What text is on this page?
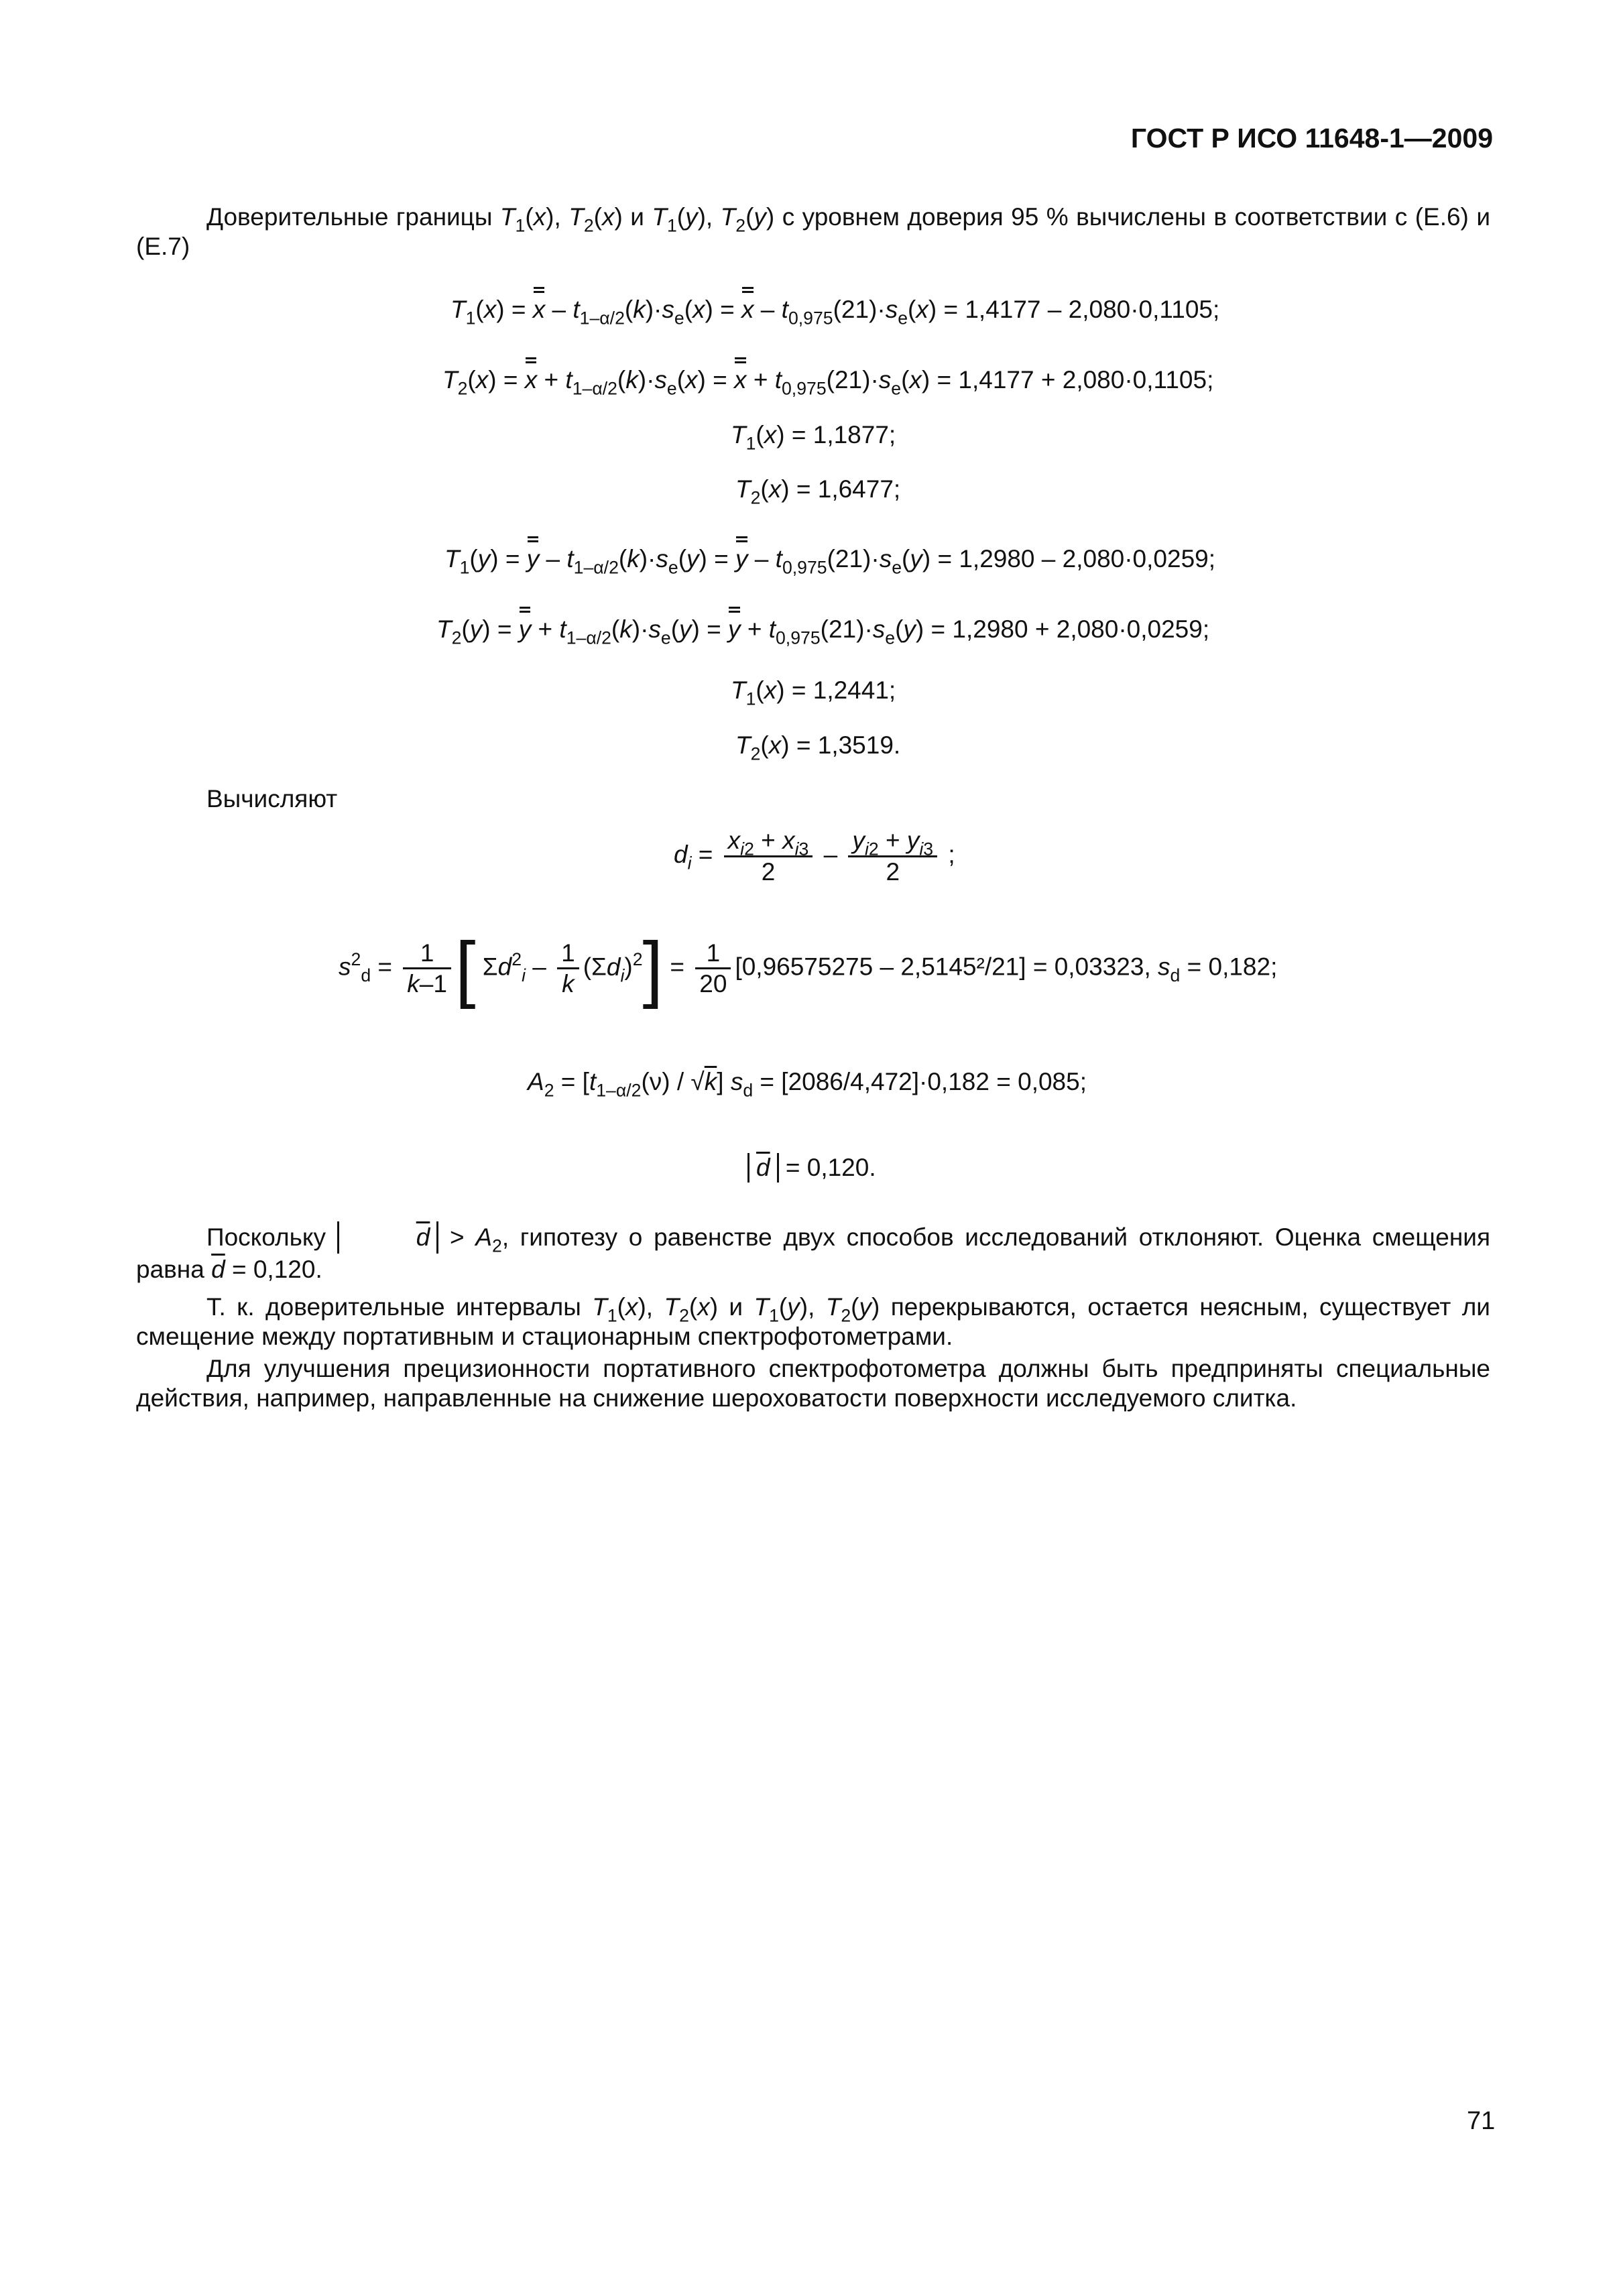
ГОСТ Р ИСО 11648-1—2009
Доверительные границы $T_1(x)$, $T_2(x)$ и $T_1(y)$, $T_2(y)$ с уровнем доверия 95 % вычислены в соответствии с (Е.6) и (Е.7)
$T_1(x) = x - t_{1-\alpha/2}(k)\cdot s_e(x) = x - t_{0,975}(21)\cdot s_e(x) = 1,4177 - 2,080\cdot 0,1105$;
$T_2(x) = x + t_{1-\alpha/2}(k)\cdot s_e(x) = x + t_{0,975}(21)\cdot s_e(x) = 1,4177 + 2,080\cdot 0,1105$;
$T_1(x) = 1,1877$;
$T_2(x) = 1,6477$;
$T_1(y) = y - t_{1-\alpha/2}(k)\cdot s_e(y) = y - t_{0,975}(21)\cdot s_e(y) = 1,2980 - 2,080\cdot 0,0259$;
$T_2(y) = y + t_{1-\alpha/2}(k)\cdot s_e(y) = y + t_{0,975}(21)\cdot s_e(y) = 1,2980 + 2,080\cdot 0,0259$;
$T_1(x) = 1,2441$;
$T_2(x) = 1,3519$.
Вычисляют
$d_i = \frac{x_{i2} + x_{i3}}{2} - \frac{y_{i2} + y_{i3}}{2}$ ;
$s^2_d = \frac{1}{k-1}$ [ $\Sigma d^2_i - \frac{1}{k} (\Sigma d_i)^2] = \frac{1}{20} [0,96575275 - 2,5145^2/21] = 0,03323$, $s_d = 0,182$;
$A_2 = [t_{1-\alpha/2}(\nu) / √k] s_d = [2086/4,472]\cdot 0,182 = 0,085$;
$\overline{d} = 0,120$.
Поскольку	$\overline{d} > A_2$, гипотезу о равенстве двух способов исследований отклоняют. Оценка смещения равна $\overline{d} = 0,120$.
Т. к. доверительные интервалы $T_1(x)$, $T_2(x)$ и $T_1(y)$, $T_2(y)$ перекрываются, остается неясным, существует ли смещение между портативным и стационарным спектрофотометрами.
Для улучшения прецизионности портативного спектрофотометра должны быть предприняты специальные действия, например, направленные на снижение шероховатости поверхности исследуемого слитка.
71
